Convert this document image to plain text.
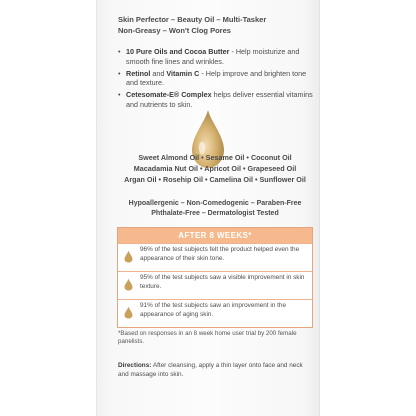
Skin Perfector – Beauty Oil – Multi-Tasker
Non-Greasy – Won't Clog Pores
• 10 Pure Oils and Cocoa Butter - Help moisturize and smooth fine lines and wrinkles.
• Retinol and Vitamin C - Help improve and brighten tone and texture.
• Cetesomate-E® Complex helps deliver essential vitamins and nutrients to skin.
Sweet Almond Oil • Sesame Oil • Coconut Oil
Macadamia Nut Oil • Apricot Oil • Grapeseed Oil
Argan Oil • Rosehip Oil • Camelina Oil • Sunflower Oil
Hypoallergenic – Non-Comedogenic – Paraben-Free
Phthalate-Free – Dermatologist Tested
AFTER 8 WEEKS*
96% of the test subjects felt the product helped even the appearance of their skin tone.
95% of the test subjects saw a visible improvement in skin texture.
91% of the test subjects saw an improvement in the appearance of aging skin.
*Based on responses in an 8 week home user trial by 200 female panelists.
Directions: After cleansing, apply a thin layer onto face and neck and massage into skin.
